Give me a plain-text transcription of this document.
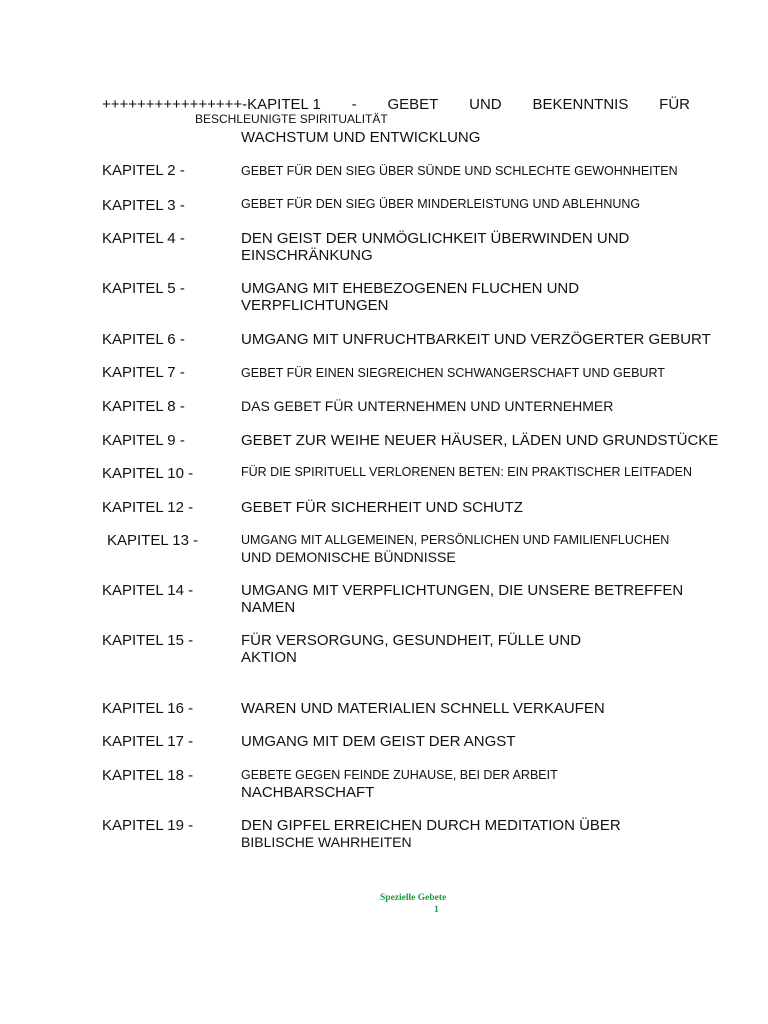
++++++++++++++++-KAPITEL 1 - GEBET UND BEKENNTNIS FÜR
BESCHLEUNIGTE SPIRITUALITÄT
WACHSTUM UND ENTWICKLUNG
KAPITEL 2 -	GEBET FÜR DEN SIEG ÜBER SÜNDE UND SCHLECHTE GEWOHNHEITEN
KAPITEL 3 -	GEBET FÜR DEN SIEG ÜBER MINDERLEISTUNG UND ABLEHNUNG
KAPITEL 4 -	DEN GEIST DER UNMÖGLICHKEIT ÜBERWINDEN UND
EINSCHRÄNKUNG
KAPITEL 5 -	UMGANG MIT EHEBEZOGENEN FLUCHEN UND
VERPFLICHTUNGEN
KAPITEL 6 -	UMGANG MIT UNFRUCHTBARKEIT UND VERZÖGERTER GEBURT
KAPITEL 7 -	GEBET FÜR EINEN SIEGREICHEN SCHWANGERSCHAFT UND GEBURT
KAPITEL 8 -	DAS GEBET FÜR UNTERNEHMEN UND UNTERNEHMER
KAPITEL 9 -	GEBET ZUR WEIHE NEUER HÄUSER, LÄDEN UND GRUNDSTÜCKE
KAPITEL 10 -	FÜR DIE SPIRITUELL VERLORENEN BETEN: EIN PRAKTISCHER LEITFADEN
KAPITEL 12 -	GEBET FÜR SICHERHEIT UND SCHUTZ
KAPITEL 13 -	UMGANG MIT ALLGEMEINEN, PERSÖNLICHEN UND FAMILIENFLUCHEN
UND DEMONISCHE BÜNDNISSE
KAPITEL 14 -	UMGANG MIT VERPFLICHTUNGEN, DIE UNSERE BETREFFEN
NAMEN
KAPITEL 15 -	FÜR VERSORGUNG, GESUNDHEIT, FÜLLE UND
AKTION
KAPITEL 16 -	WAREN UND MATERIALIEN SCHNELL VERKAUFEN
KAPITEL 17 -	UMGANG MIT DEM GEIST DER ANGST
KAPITEL 18 -	GEBETE GEGEN FEINDE ZUHAUSE, BEI DER ARBEIT
NACHBARSCHAFT
KAPITEL 19 -	DEN GIPFEL ERREICHEN DURCH MEDITATION ÜBER
BIBLISCHE WAHRHEITEN
Spezielle Gebete
1
